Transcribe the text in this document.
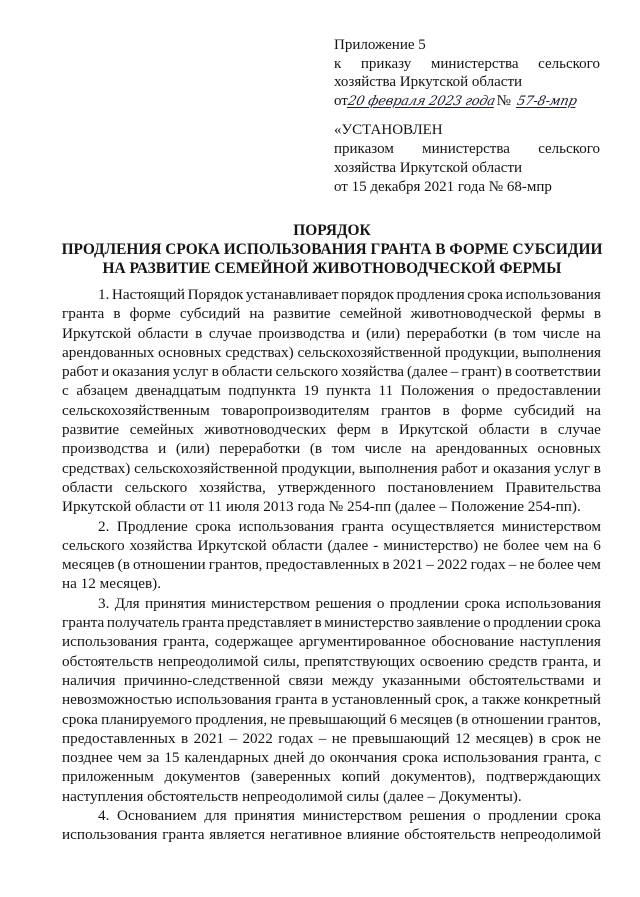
Приложение 5
к приказу министерства сельского
хозяйства Иркутской области
от
20 февраля 2023 года № 57-8-мпр
«УСТАНОВЛЕН
приказом министерства сельского
хозяйства Иркутской области
от 15 декабря 2021 года № 68-мпр
ПОРЯДОК
ПРОДЛЕНИЯ СРОКА ИСПОЛЬЗОВАНИЯ ГРАНТА В ФОРМЕ СУБСИДИИ
НА РАЗВИТИЕ СЕМЕЙНОЙ ЖИВОТНОВОДЧЕСКОЙ ФЕРМЫ
1. Настоящий Порядок устанавливает порядок продления срока использования
гранта в форме субсидий на развитие семейной животноводческой фермы в
Иркутской области в случае производства и (или) переработки (в том числе на
арендованных основных средствах) сельскохозяйственной продукции, выполнения
работ и оказания услуг в области сельского хозяйства (далее – грант) в соответствии
с абзацем двенадцатым подпункта 19 пункта 11 Положения о предоставлении
сельскохозяйственным товаропроизводителям грантов в форме субсидий на
развитие семейных животноводческих ферм в Иркутской области в случае
производства и (или) переработки (в том числе на арендованных основных
средствах) сельскохозяйственной продукции, выполнения работ и оказания услуг в
области сельского хозяйства, утвержденного постановлением Правительства
Иркутской области от 11 июля 2013 года № 254-пп (далее – Положение 254-пп).
2. Продление срока использования гранта осуществляется министерством
сельского хозяйства Иркутской области (далее - министерство) не более чем на 6
месяцев (в отношении грантов, предоставленных в 2021 – 2022 годах – не более чем
на 12 месяцев).
3. Для принятия министерством решения о продлении срока использования
гранта получатель гранта представляет в министерство заявление о продлении срока
использования гранта, содержащее аргументированное обоснование наступления
обстоятельств непреодолимой силы, препятствующих освоению средств гранта, и
наличия причинно-следственной связи между указанными обстоятельствами и
невозможностью использования гранта в установленный срок, а также конкретный
срока планируемого продления, не превышающий 6 месяцев (в отношении грантов,
предоставленных в 2021 – 2022 годах – не превышающий 12 месяцев) в срок не
позднее чем за 15 календарных дней до окончания срока использования гранта, с
приложенным документов (заверенных копий документов), подтверждающих
наступления обстоятельств непреодолимой силы (далее – Документы).
4. Основанием для принятия министерством решения о продлении срока
использования гранта является негативное влияние обстоятельств непреодолимой
